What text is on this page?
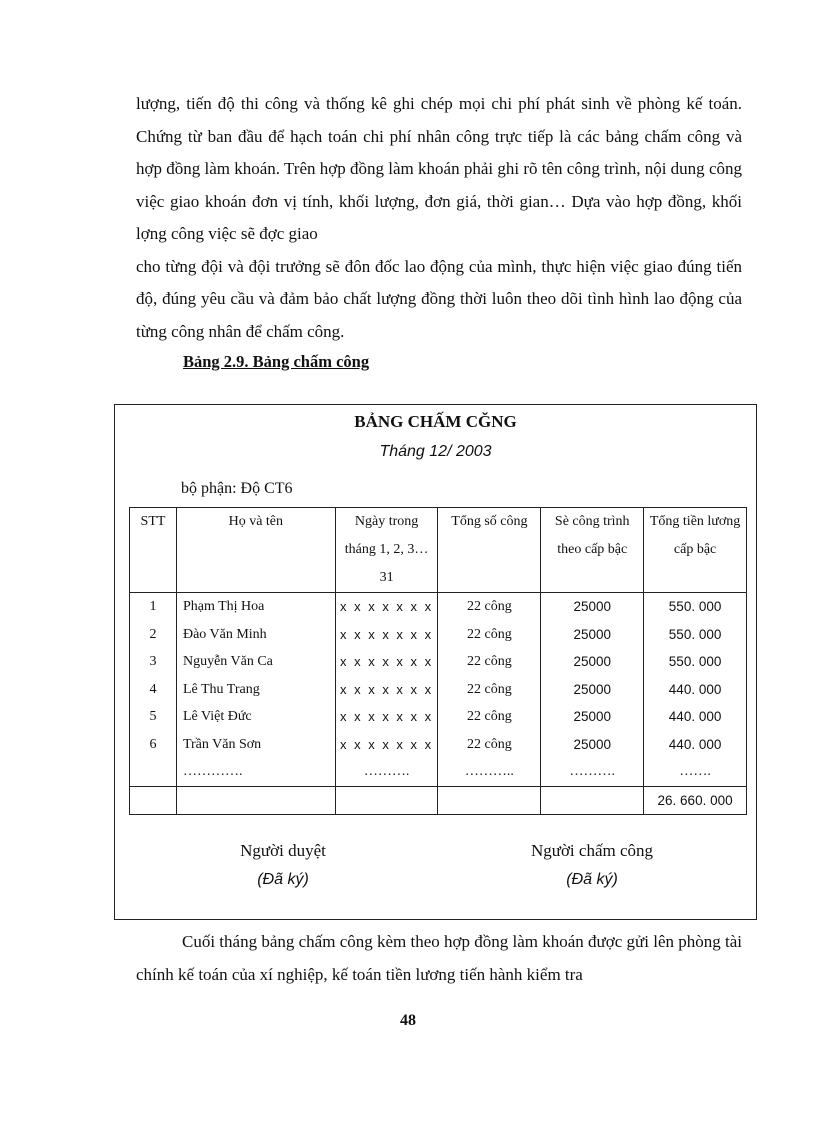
lượng, tiến độ thi công và thống kê ghi chép mọi chi phí phát sinh về phòng kế toán. Chứng từ ban đầu để hạch toán chi phí nhân công trực tiếp là các bảng chấm công và hợp đồng làm khoán. Trên hợp đồng làm khoán phải ghi rõ tên công trình, nội dung công việc giao khoán đơn vị tính, khối lượng, đơn giá, thời gian… Dựa vào hợp đồng, khối lợng công việc sẽ đợc giao

cho từng đội và đội trưởng sẽ đôn đốc lao động của mình, thực hiện việc giao đúng tiến độ, đúng yêu cầu và đảm bảo chất lượng đồng thời luôn theo dõi tình hình lao động của từng công nhân để chấm công.

Bảng 2.9. Bảng chấm công
BẢNG CHẤM CĞNG
Tháng 12/ 2003
bộ phận: Độ CT6
STT	Họ và tên	Ngày trong tháng 1, 2, 3…31	Tổng số công	Sè công trình theo cấp bậc	Tổng tiền lương cấp bậc
1	Phạm Thị Hoa	x x x x x x x	22 công	25000	550. 000
2	Đào Văn Minh	x x x x x x x	22 công	25000	550. 000
3	Nguyễn Văn Ca	x x x x x x x	22 công	25000	550. 000
4	Lê Thu Trang	x x x x x x x	22 công	25000	440. 000
5	Lê Việt Đức	x x x x x x x	22 công	25000	440. 000
6	Trần Văn Sơn	x x x x x x x	22 công	25000	440. 000
	………….	……….	………..	……….	…….
					26. 660. 000
Người duyệt
(Đã ký)
Người chấm công
(Đã ký)

Cuối tháng bảng chấm công kèm theo hợp đồng làm khoán được gửi lên phòng tài chính kế toán của xí nghiệp, kế toán tiền lương tiến hành kiểm tra

48
